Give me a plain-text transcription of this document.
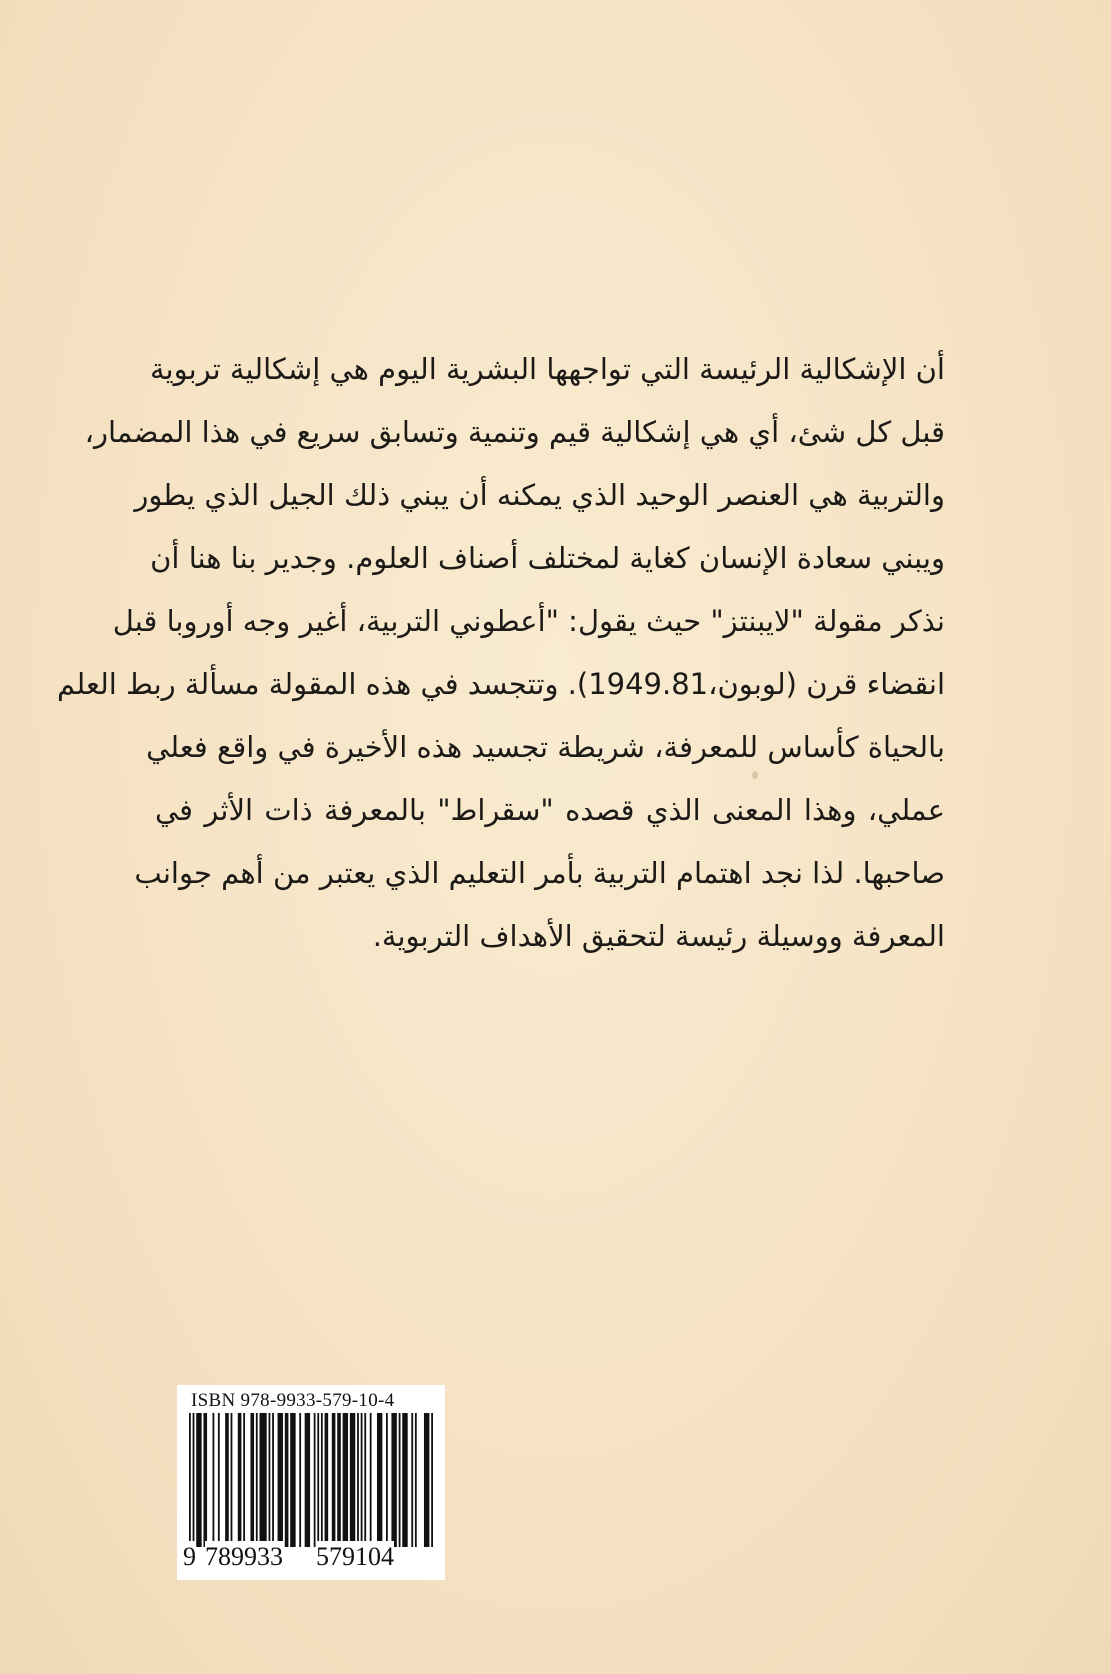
أن الإشكالية الرئيسة التي تواجهها البشرية اليوم هي إشكالية تربوية
قبل كل شئ، أي هي إشكالية قيم وتنمية وتسابق سريع في هذا المضمار،
والتربية هي العنصر الوحيد الذي يمكنه أن يبني ذلك الجيل الذي يطور
ويبني سعادة الإنسان كغاية لمختلف أصناف العلوم. وجدير بنا هنا أن
نذكر مقولة "لايبنتز" حيث يقول: "أعطوني التربية، أغير وجه أوروبا قبل
انقضاء قرن (لوبون،1949.81). وتتجسد في هذه المقولة مسألة ربط العلم
بالحياة كأساس للمعرفة، شريطة تجسيد هذه الأخيرة في واقع فعلي
عملي، وهذا المعنى الذي قصده "سقراط" بالمعرفة ذات الأثر في
صاحبها. لذا نجد اهتمام التربية بأمر التعليم الذي يعتبر من أهم جوانب
المعرفة ووسيلة رئيسة لتحقيق الأهداف التربوية.
ISBN 978-9933-579-10-4
9 789933 579104
